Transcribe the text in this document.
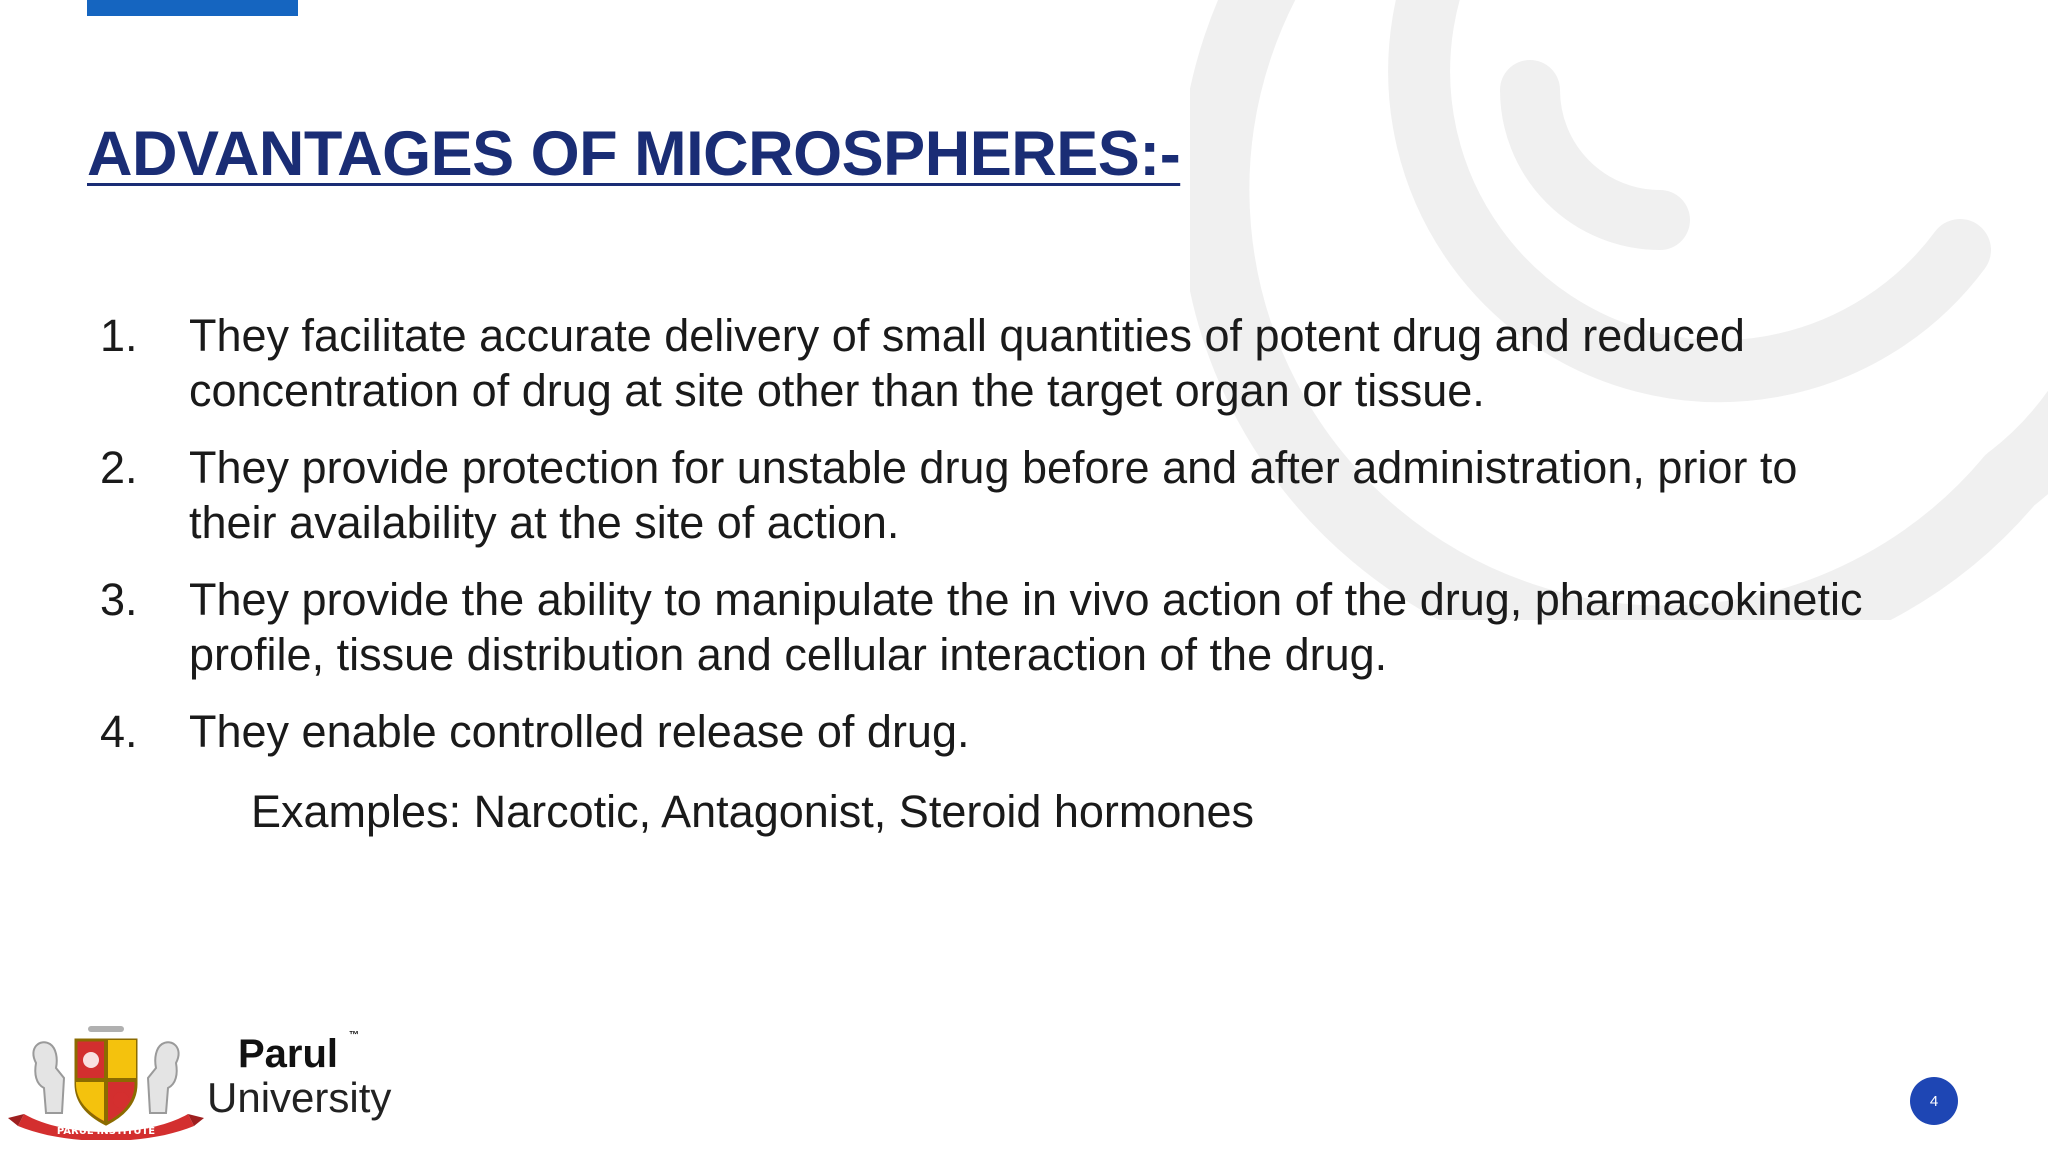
ADVANTAGES OF MICROSPHERES:-
1.	They facilitate accurate delivery of small quantities of potent drug and reduced concentration of drug at site other than the target organ or tissue.
2.	They provide protection for unstable drug before and after administration, prior to their availability at the site of action.
3.	They provide the ability to manipulate the in vivo action of the drug, pharmacokinetic profile, tissue distribution and cellular interaction of the drug.
4.	They enable controlled release of drug.
Examples: Narcotic, Antagonist, Steroid hormones
PARUL INSTITUTE
Parul ™
University	4
